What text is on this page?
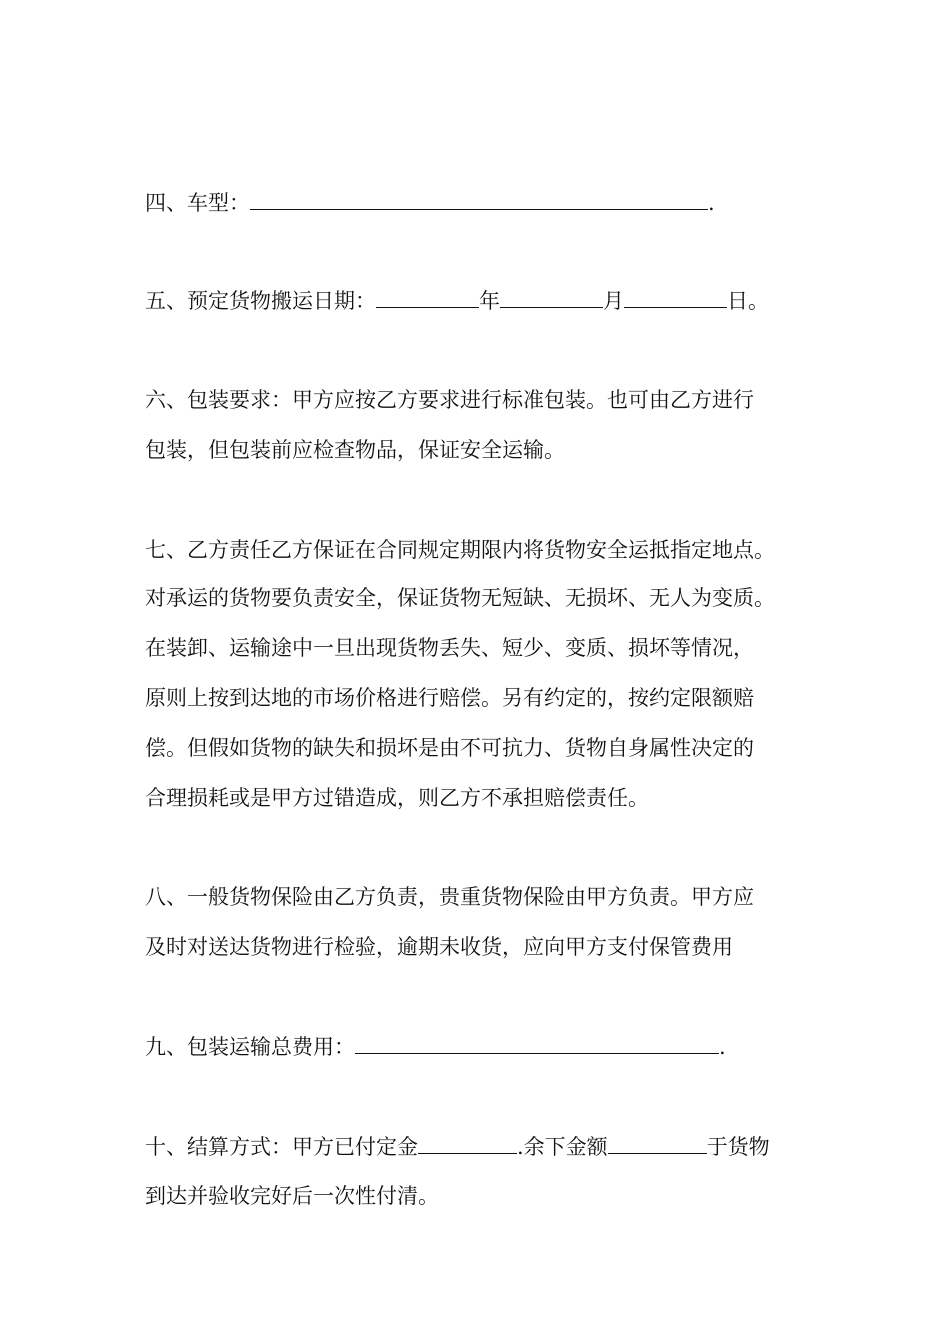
四、车型：	.
五、预定货物搬运日期：	年	月	日。
六、包装要求：甲方应按乙方要求进行标准包装。也可由乙方进行
包装，但包装前应检查物品，保证安全运输。
七、乙方责任乙方保证在合同规定期限内将货物安全运抵指定地点。
对承运的货物要负责安全，保证货物无短缺、无损坏、无人为变质。
在装卸、运输途中一旦出现货物丢失、短少、变质、损坏等情况，
原则上按到达地的市场价格进行赔偿。另有约定的，按约定限额赔
偿。但假如货物的缺失和损坏是由不可抗力、货物自身属性决定的
合理损耗或是甲方过错造成，则乙方不承担赔偿责任。
八、一般货物保险由乙方负责，贵重货物保险由甲方负责。甲方应
及时对送达货物进行检验，逾期未收货，应向甲方支付保管费用
九、包装运输总费用：	.
十、结算方式：甲方已付定金	.余下金额	于货物
到达并验收完好后一次性付清。
